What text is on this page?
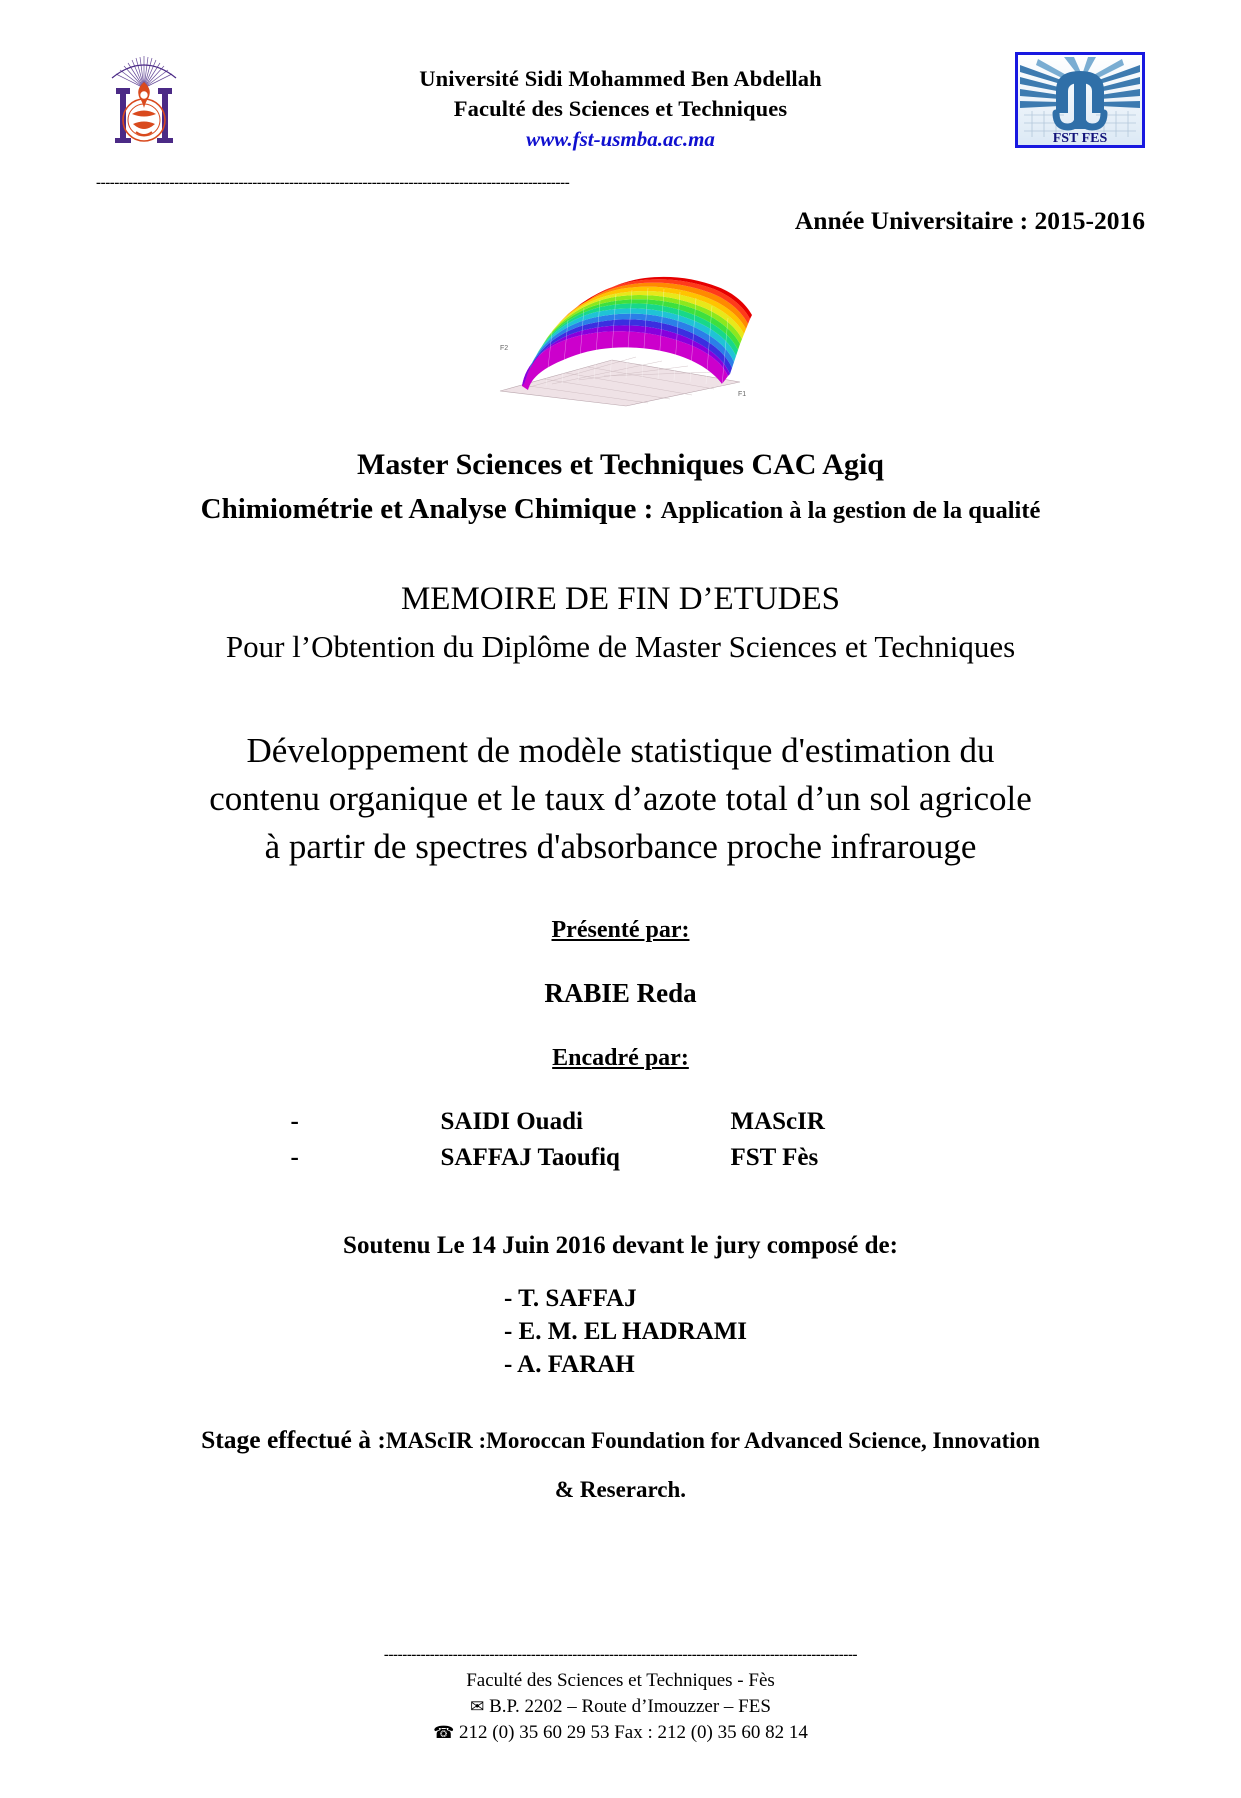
Université Sidi Mohammed Ben Abdellah
Faculté des Sciences et Techniques
www.fst-usmba.ac.ma	FST FES
-------------------------------------------------------------------------------------------------------
Année Universitaire : 2015-2016
F2
F1
Master Sciences et Techniques CAC Agiq
Chimiométrie et Analyse Chimique : Application à la gestion de la qualité
MEMOIRE DE FIN D’ETUDES
Pour l’Obtention du Diplôme de Master Sciences et Techniques
Développement de modèle statistique d'estimation du
contenu organique et le taux d’azote total d’un sol agricole
à partir de spectres d'absorbance proche infrarouge
Présenté par:
RABIE Reda
Encadré par:
-	SAIDI Ouadi	MAScIR
-	SAFFAJ Taoufiq	FST Fès
Soutenu Le 14 Juin 2016 devant le jury composé de:
- T. SAFFAJ
- E. M. EL HADRAMI
- A. FARAH
Stage effectué à :MAScIR :Moroccan Foundation for Advanced Science, Innovation
& Reserarch.
-------------------------------------------------------------------------------------------------------
Faculté des Sciences et Techniques - Fès
✉ B.P. 2202 – Route d’Imouzzer – FES
☎ 212 (0) 35 60 29 53 Fax : 212 (0) 35 60 82 14
